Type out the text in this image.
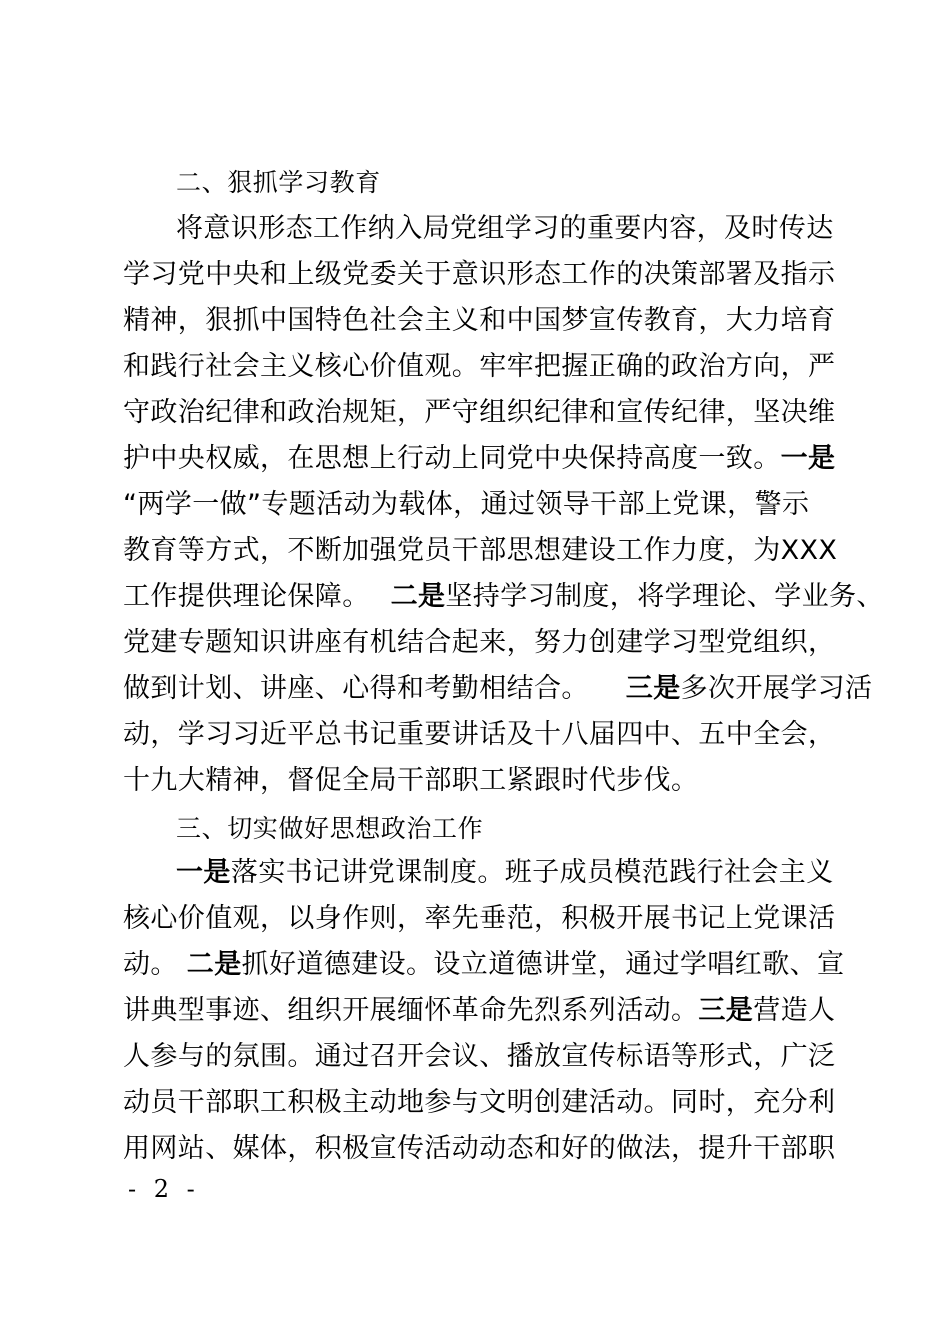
二、狠抓学习教育
将意识形态工作纳入局党组学习的重要内容，及时传达
学习党中央和上级党委关于意识形态工作的决策部署及指示
精神，狠抓中国特色社会主义和中国梦宣传教育，大力培育
和践行社会主义核心价值观。牢牢把握正确的政治方向，严
守政治纪律和政治规矩，严守组织纪律和宣传纪律，坚决维
护中央权威，在思想上行动上同党中央保持高度一致。 一是
“两学一做”专题活动为载体，通过领导干部上党课，警示
教育等方式，不断加强党员干部思想建设工作力度，为 XXX
工作提供理论保障。 二是坚持学习制度，将学理论、学业务、
党建专题知识讲座有机结合起来，努力创建学习型党组织，
做到计划、讲座、心得和考勤相结合。 三是多次开展学习活
动，学习习近平总书记重要讲话及十八届四中、五中全会，
十九大精神，督促全局干部职工紧跟时代步伐。
三、切实做好思想政治工作
一是落实书记讲党课制度。班子成员模范践行社会主义
核心价值观，以身作则，率先垂范，积极开展书记上党课活
动。 二是抓好道德建设。设立道德讲堂，通过学唱红歌、宣
讲典型事迹、组织开展缅怀革命先烈系列活动。 三是营造人
人参与的氛围。通过召开会议、播放宣传标语等形式，广泛
动员干部职工积极主动地参与文明创建活动。同时，充分利
用网站、媒体，积极宣传活动动态和好的做法，提升干部职
- 2 -
